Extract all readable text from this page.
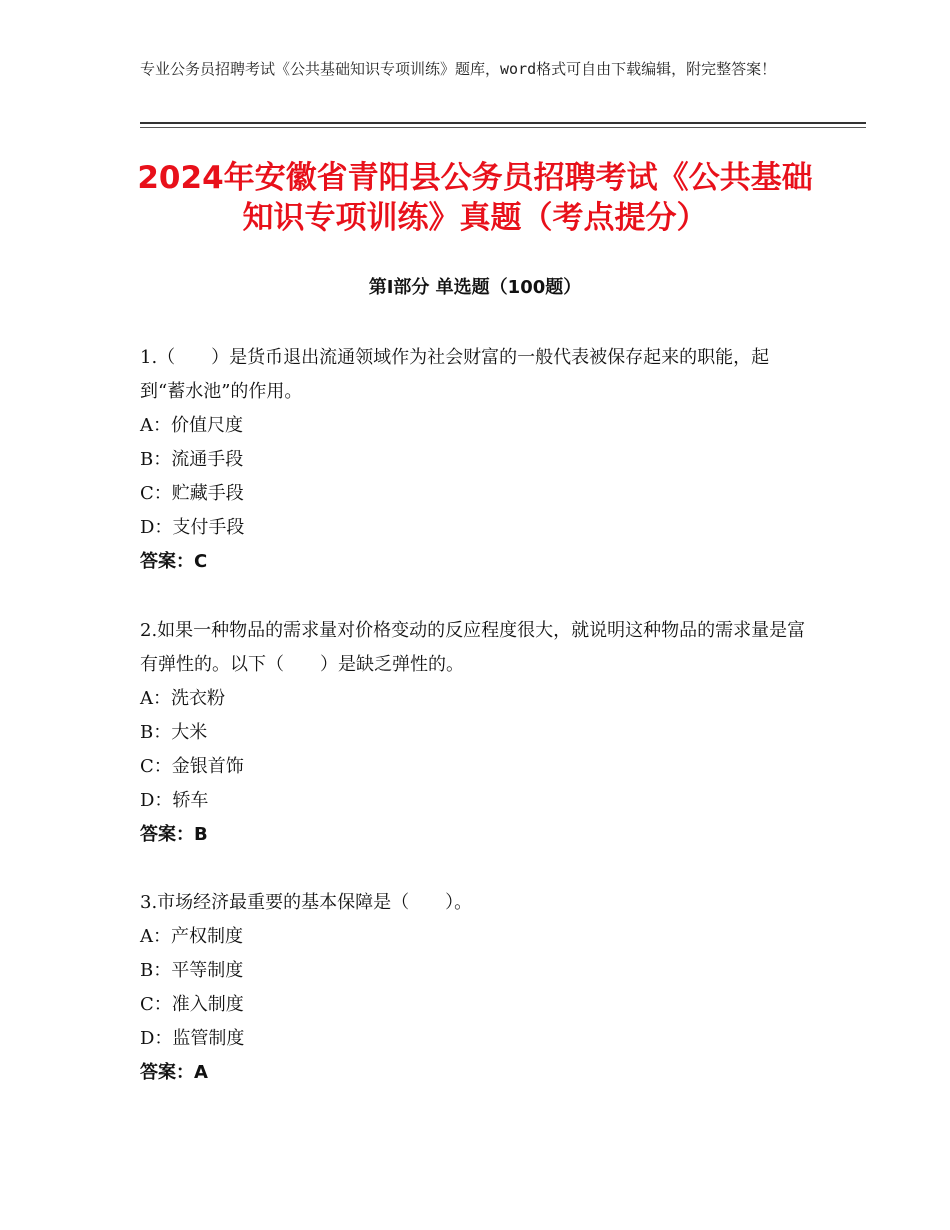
专业公务员招聘考试《公共基础知识专项训练》题库，word格式可自由下载编辑，附完整答案！
2024年安徽省青阳县公务员招聘考试《公共基础知识专项训练》真题（考点提分）
第Ⅰ部分 单选题（100题）

1.（　　）是货币退出流通领域作为社会财富的一般代表被保存起来的职能，起到“蓄水池”的作用。

A：价值尺度

B：流通手段

C：贮藏手段

D：支付手段

答案：C

2.如果一种物品的需求量对价格变动的反应程度很大，就说明这种物品的需求量是富有弹性的。以下（　　）是缺乏弹性的。

A：洗衣粉

B：大米

C：金银首饰

D：轿车

答案：B

3.市场经济最重要的基本保障是（　　）。

A：产权制度

B：平等制度

C：准入制度

D：监管制度

答案：A
